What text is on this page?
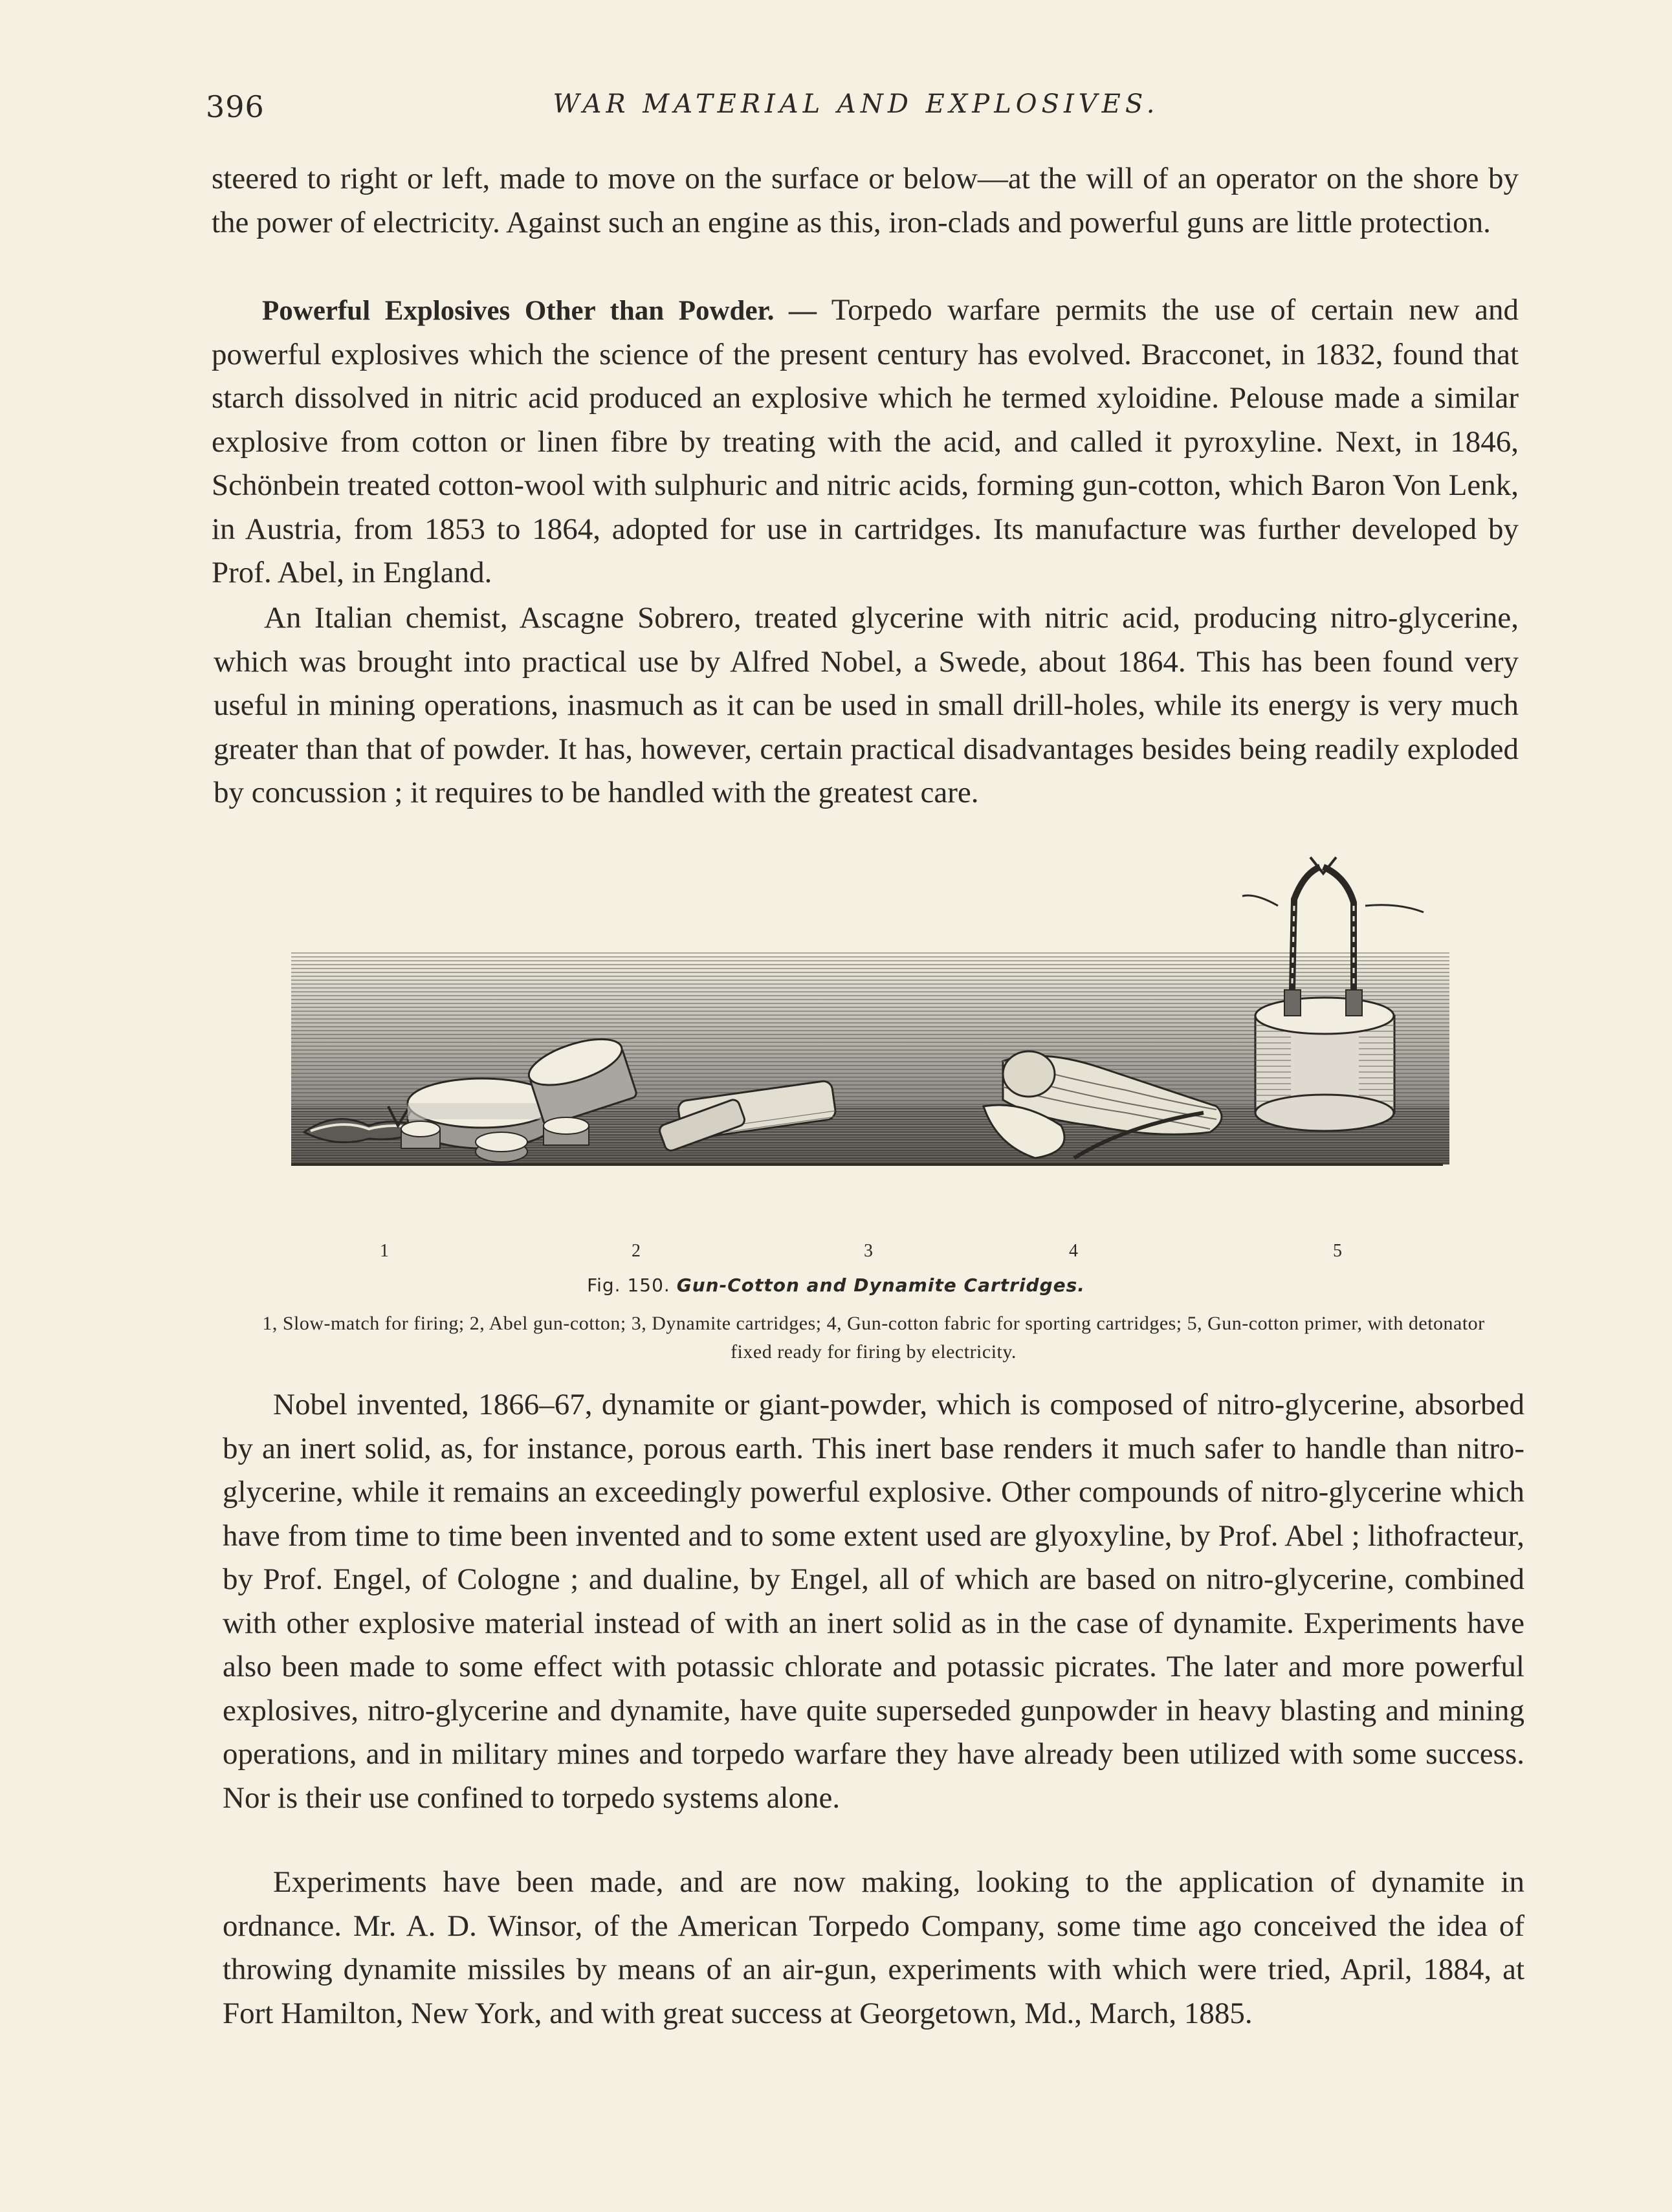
396	WAR MATERIAL AND EXPLOSIVES.

steered to right or left, made to move on the surface or below—at the will of an operator on the shore by the power of electricity. Against such an engine as this, iron-clads and powerful guns are little protection.

Powerful Explosives Other than Powder. — Torpedo warfare permits the use of certain new and powerful explosives which the science of the present century has evolved. Bracconet, in 1832, found that starch dissolved in nitric acid produced an explosive which he termed xyloidine. Pelouse made a similar explosive from cotton or linen fibre by treating with the acid, and called it pyroxyline. Next, in 1846, Schönbein treated cotton-wool with sulphuric and nitric acids, forming gun-cotton, which Baron Von Lenk, in Austria, from 1853 to 1864, adopted for use in cartridges. Its manufacture was further developed by Prof. Abel, in England.

An Italian chemist, Ascagne Sobrero, treated glycerine with nitric acid, producing nitro-glycerine, which was brought into practical use by Alfred Nobel, a Swede, about 1864. This has been found very useful in mining operations, inasmuch as it can be used in small drill-holes, while its energy is very much greater than that of powder. It has, however, certain practical disadvantages besides being readily exploded by concussion ; it requires to be handled with the greatest care.

1	2	3	4	5
Fig. 150. Gun-Cotton and Dynamite Cartridges.
1, Slow-match for firing; 2, Abel gun-cotton; 3, Dynamite cartridges; 4, Gun-cotton fabric for sporting cartridges; 5, Gun-cotton primer, with detonator fixed ready for firing by electricity.

Nobel invented, 1866–67, dynamite or giant-powder, which is composed of nitro-glycerine, absorbed by an inert solid, as, for instance, porous earth. This inert base renders it much safer to handle than nitro-glycerine, while it remains an exceedingly powerful explosive. Other compounds of nitro-glycerine which have from time to time been invented and to some extent used are glyoxyline, by Prof. Abel ; lithofracteur, by Prof. Engel, of Cologne ; and dualine, by Engel, all of which are based on nitro-glycerine, combined with other explosive material instead of with an inert solid as in the case of dynamite. Experiments have also been made to some effect with potassic chlorate and potassic picrates. The later and more powerful explosives, nitro-glycerine and dynamite, have quite superseded gunpowder in heavy blasting and mining operations, and in military mines and torpedo warfare they have already been utilized with some success. Nor is their use confined to torpedo systems alone.

Experiments have been made, and are now making, looking to the application of dynamite in ordnance. Mr. A. D. Winsor, of the American Torpedo Company, some time ago conceived the idea of throwing dynamite missiles by means of an air-gun, experiments with which were tried, April, 1884, at Fort Hamilton, New York, and with great success at Georgetown, Md., March, 1885.
